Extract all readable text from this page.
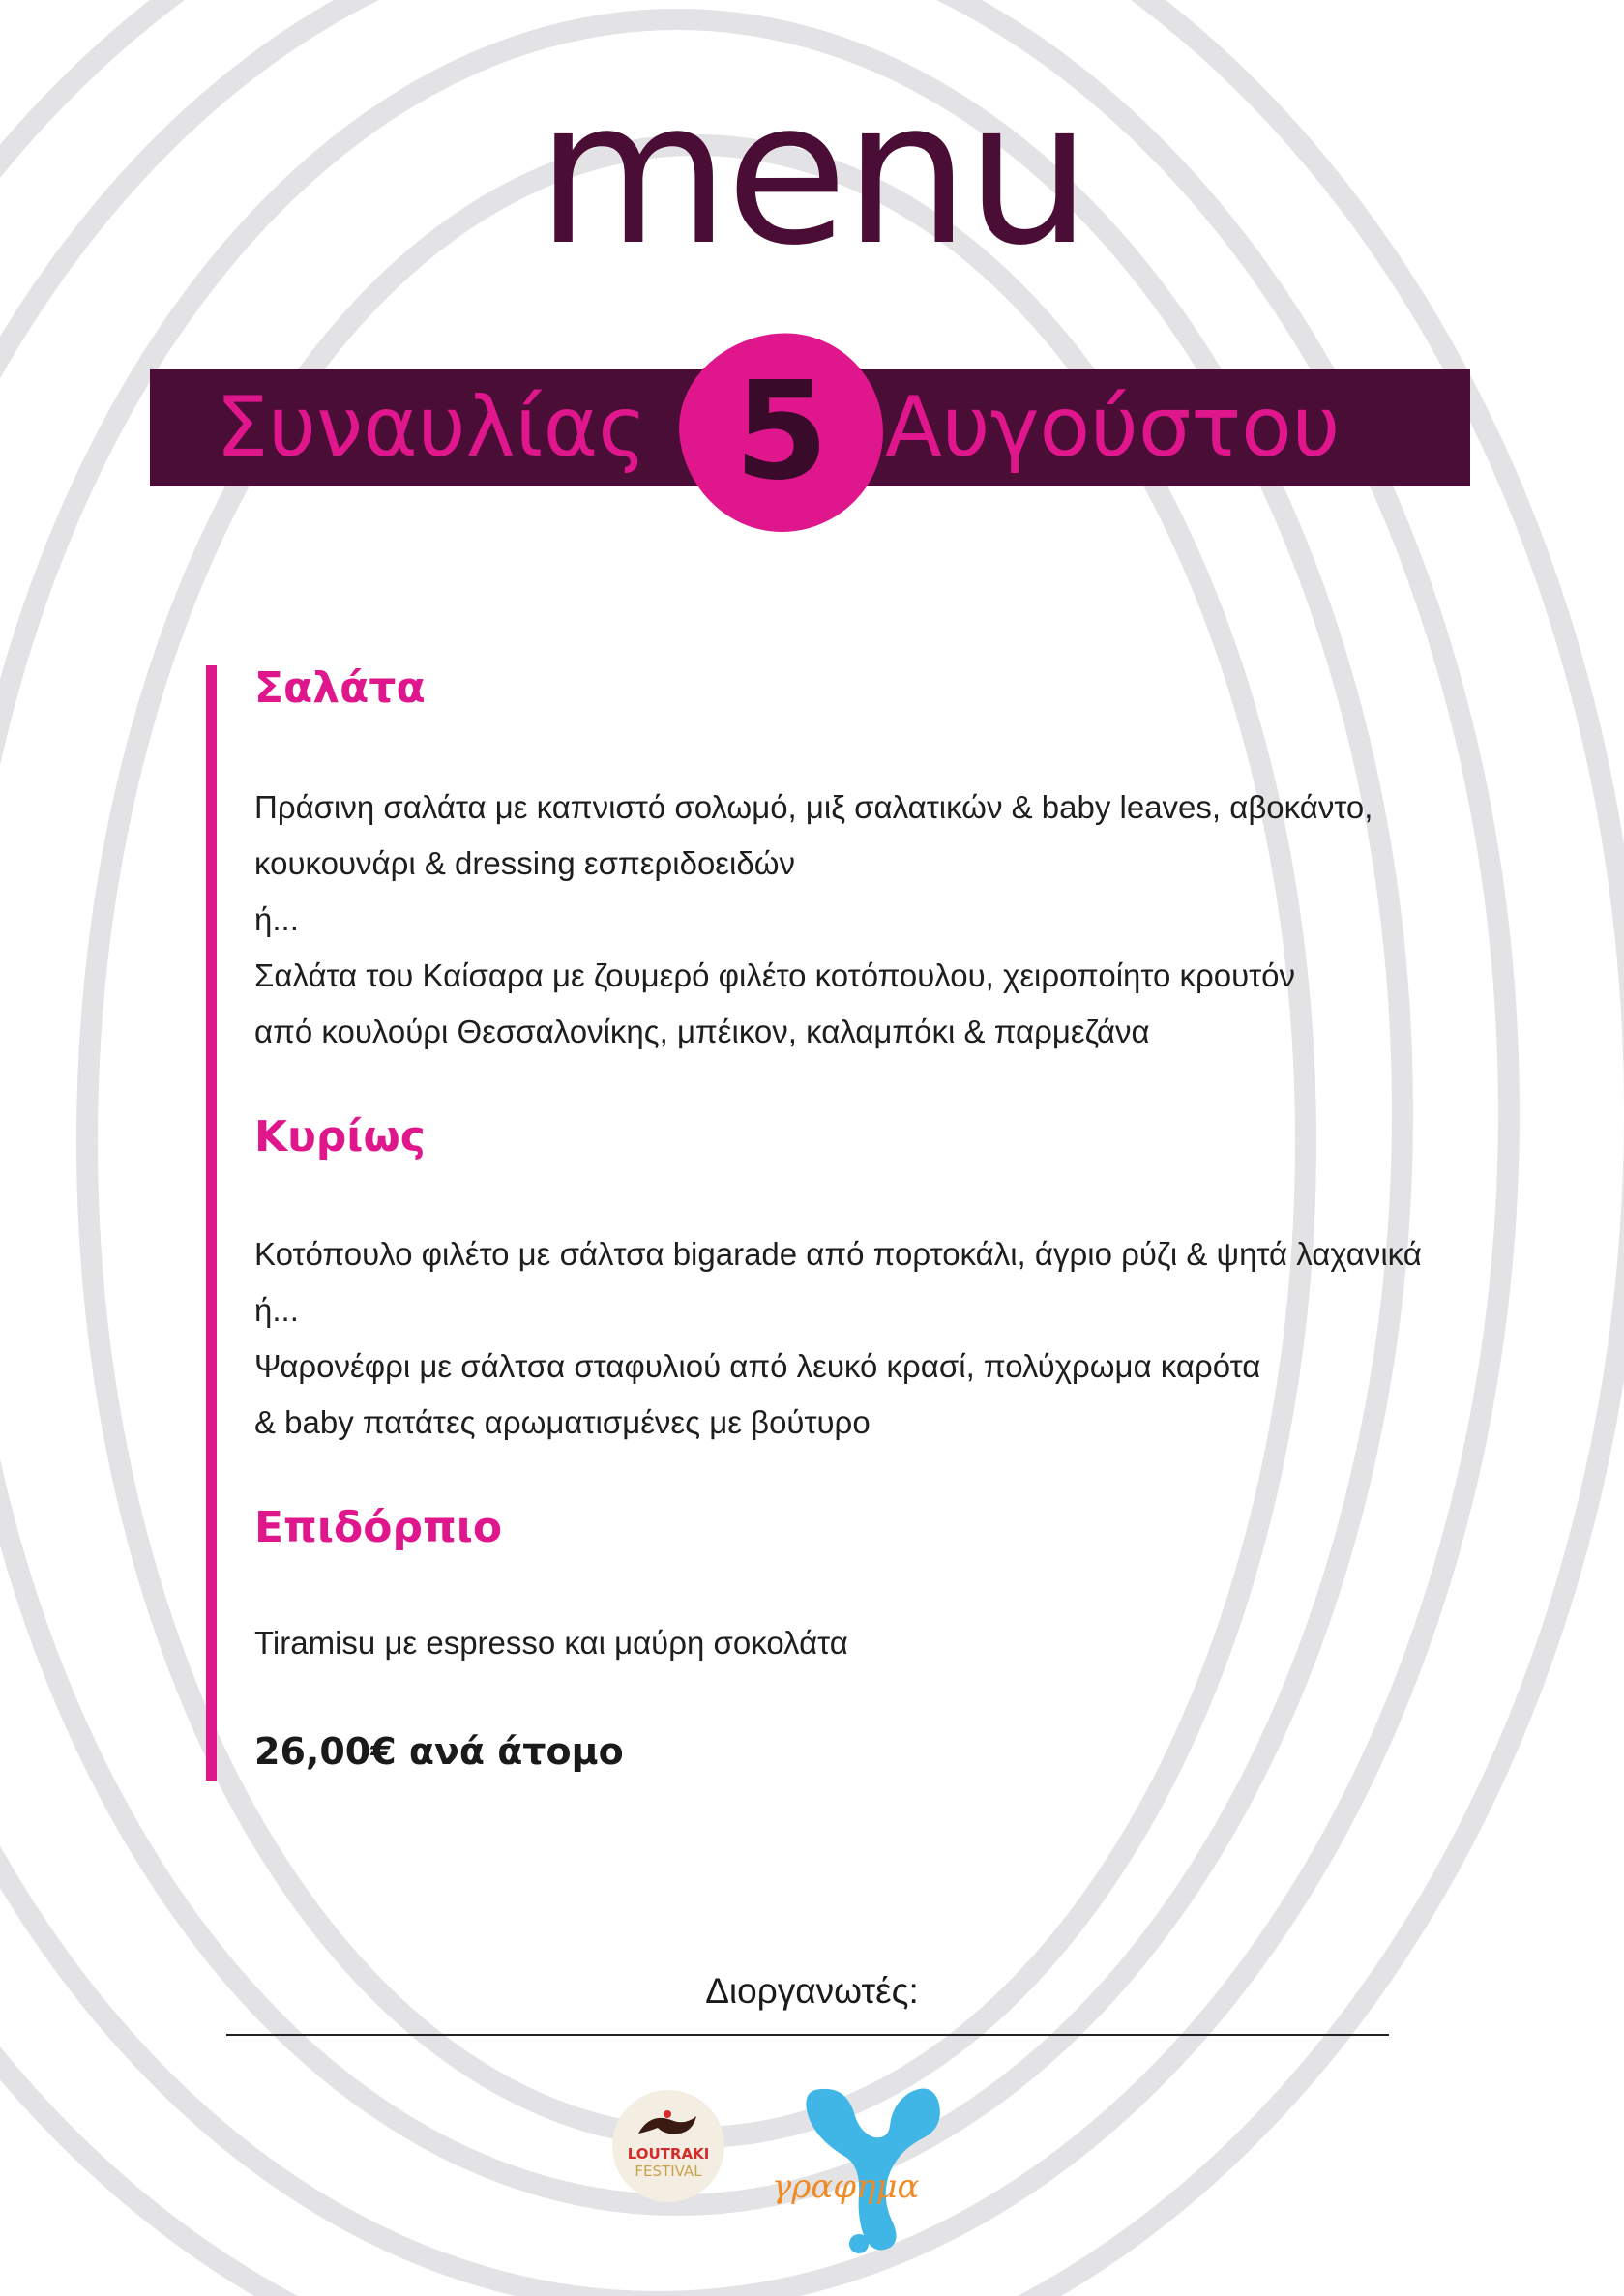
menu
Συναυλίας	Αυγούστου
5
Σαλάτα
Πράσινη σαλάτα με καπνιστό σολωμό, μιξ σαλατικών & baby leaves, αβοκάντο,
κουκουνάρι & dressing εσπεριδοειδών
ή...
Σαλάτα του Καίσαρα με ζουμερό φιλέτο κοτόπουλου, χειροποίητο κρουτόν
από κουλούρι Θεσσαλονίκης, μπέικον, καλαμπόκι & παρμεζάνα
Κυρίως
Κοτόπουλο φιλέτο με σάλτσα bigarade από πορτοκάλι, άγριο ρύζι & ψητά λαχανικά
ή...
Ψαρονέφρι με σάλτσα σταφυλιού από λευκό κρασί, πολύχρωμα καρότα
& baby πατάτες αρωματισμένες με βούτυρο
Επιδόρπιο
Tiramisu με espresso και μαύρη σοκολάτα
26,00€ ανά άτομο
Διοργανωτές:
LOUTRAKI
FESTIVAL γραφημα
